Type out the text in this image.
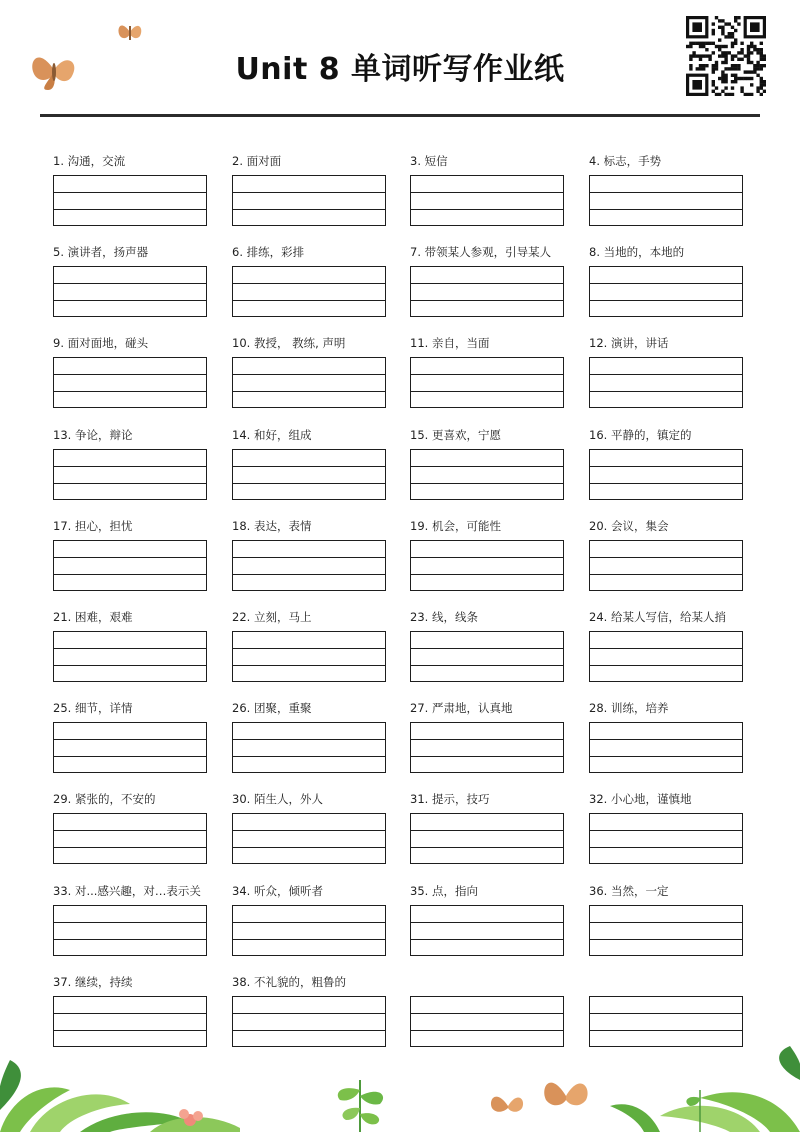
Unit 8 单词听写作业纸
1. 沟通，交流	2. 面对面	3. 短信	4. 标志，手势
5. 演讲者，扬声器	6. 排练，彩排	7. 带领某人参观，引导某人	8. 当地的，本地的
9. 面对面地，碰头	10. 教授， 教练, 声明	11. 亲自，当面	12. 演讲，讲话
13. 争论，辩论	14. 和好，组成	15. 更喜欢，宁愿	16. 平静的，镇定的
17. 担心，担忧	18. 表达，表情	19. 机会，可能性	20. 会议，集会
21. 困难，艰难	22. 立刻，马上	23. 线，线条	24. 给某人写信，给某人捎
25. 细节，详情	26. 团聚，重聚	27. 严肃地，认真地	28. 训练，培养
29. 紧张的，不安的	30. 陌生人，外人	31. 提示，技巧	32. 小心地，谨慎地
33. 对...感兴趣，对…表示关	34. 听众，倾听者	35. 点，指向	36. 当然，一定
37. 继续，持续	38. 不礼貌的，粗鲁的
